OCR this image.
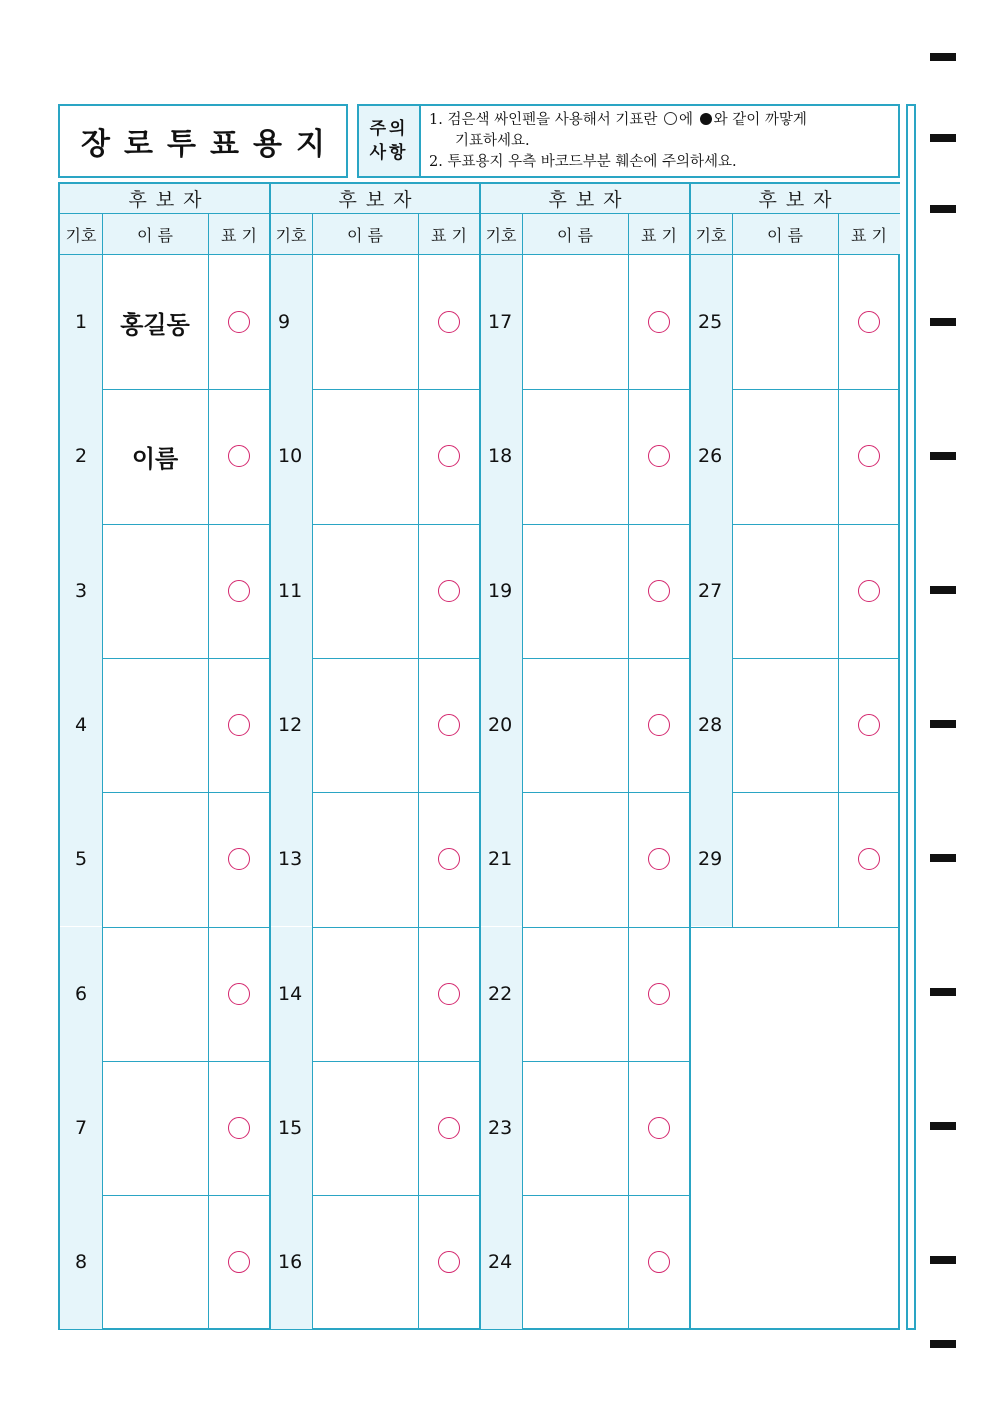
장로투표용지 주의
사항
1. 검은색 싸인펜을 사용해서 기표란 에 와 같이 까맣게
기표하세요.
2. 투표용지 우측 바코드부분 훼손에 주의하세요.
후보자
기호	이 름	표 기
1	홍길동
2	이름
3
4
5
6
7
8
후보자
기호	이 름	표 기
9
10
11
12
13
14
15
16
후보자
기호	이 름	표 기
17
18
19
20
21
22
23
24
후보자
기호	이 름	표 기
25
26
27
28
29
